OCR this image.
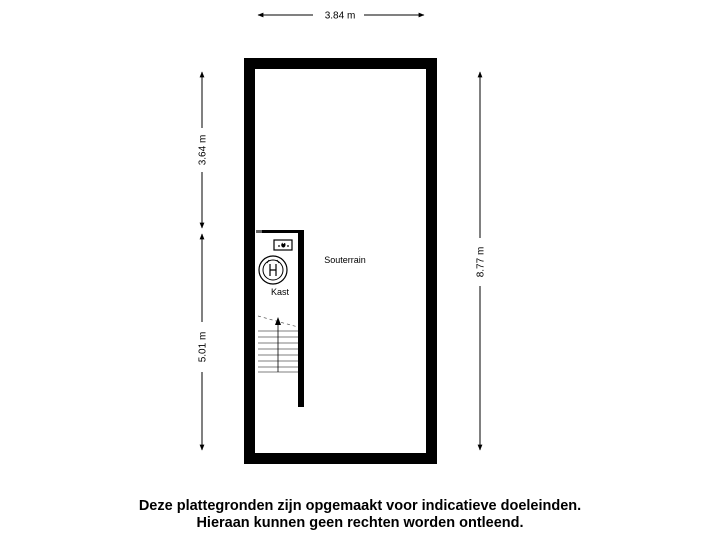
3.84 m
3.64 m
5.01 m
8.77 m
Souterrain
Kast
Deze plattegronden zijn opgemaakt voor indicatieve doeleinden.
Hieraan kunnen geen rechten worden ontleend.
